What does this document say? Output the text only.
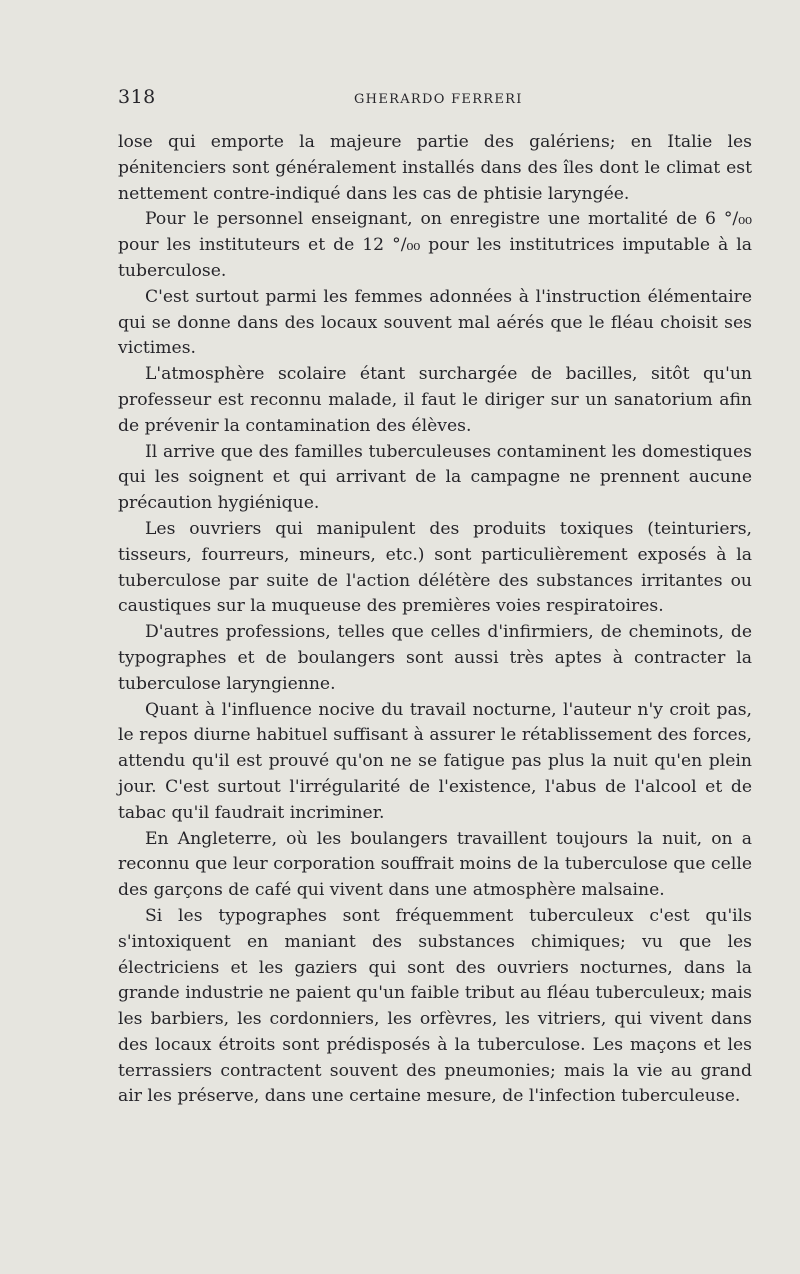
318	GHERARDO FERRERI

lose qui emporte la majeure partie des galériens; en Italie les pénitenciers sont généralement installés dans des îles dont le climat est nettement contre-indiqué dans les cas de phtisie laryngée.

Pour le personnel enseignant, on enregistre une mortalité de 6 °/₀₀ pour les instituteurs et de 12 °/₀₀ pour les institutrices imputable à la tuberculose.

C'est surtout parmi les femmes adonnées à l'instruction élémentaire qui se donne dans des locaux souvent mal aérés que le fléau choisit ses victimes.

L'atmosphère scolaire étant surchargée de bacilles, sitôt qu'un professeur est reconnu malade, il faut le diriger sur un sanatorium afin de prévenir la contamination des élèves.

Il arrive que des familles tuberculeuses contaminent les domestiques qui les soignent et qui arrivant de la campagne ne prennent aucune précaution hygiénique.

Les ouvriers qui manipulent des produits toxiques (teinturiers, tisseurs, fourreurs, mineurs, etc.) sont particulièrement exposés à la tuberculose par suite de l'action délétère des substances irritantes ou caustiques sur la muqueuse des premières voies respiratoires.

D'autres professions, telles que celles d'infirmiers, de cheminots, de typographes et de boulangers sont aussi très aptes à contracter la tuberculose laryngienne.

Quant à l'influence nocive du travail nocturne, l'auteur n'y croit pas, le repos diurne habituel suffisant à assurer le rétablissement des forces, attendu qu'il est prouvé qu'on ne se fatigue pas plus la nuit qu'en plein jour. C'est surtout l'irrégularité de l'existence, l'abus de l'alcool et de tabac qu'il faudrait incriminer.

En Angleterre, où les boulangers travaillent toujours la nuit, on a reconnu que leur corporation souffrait moins de la tuberculose que celle des garçons de café qui vivent dans une atmosphère malsaine.

Si les typographes sont fréquemment tuberculeux c'est qu'ils s'intoxiquent en maniant des substances chimiques; vu que les électriciens et les gaziers qui sont des ouvriers nocturnes, dans la grande industrie ne paient qu'un faible tribut au fléau tuberculeux; mais les barbiers, les cordonniers, les orfèvres, les vitriers, qui vivent dans des locaux étroits sont prédisposés à la tuberculose. Les maçons et les terrassiers contractent souvent des pneumonies; mais la vie au grand air les préserve, dans une certaine mesure, de l'infection tuberculeuse.
